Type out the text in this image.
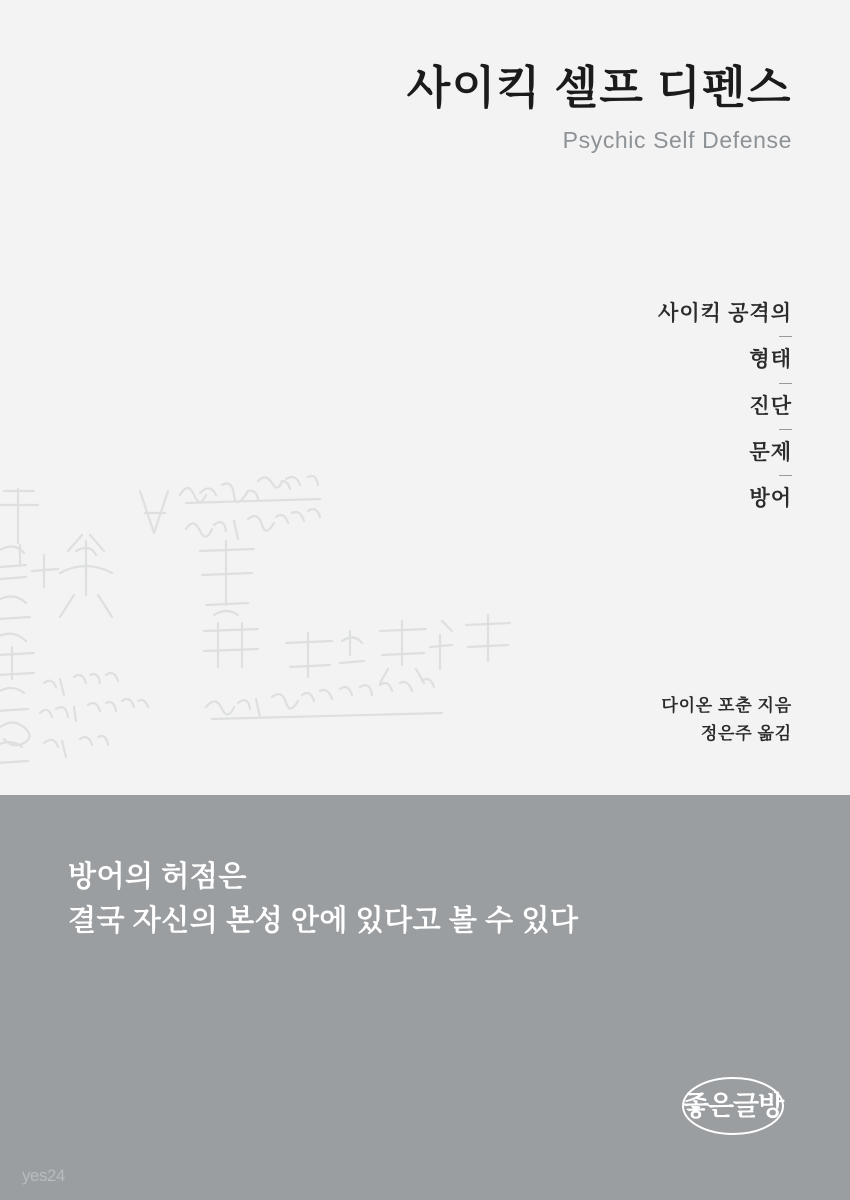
사이킥 셀프 디펜스
Psychic Self Defense
사이킥 공격의
형태
진단
문제
방어
다이온 포춘 지음
정은주 옮김
방어의 허점은
결국 자신의 본성 안에 있다고 볼 수 있다
좋은글방
yes24
